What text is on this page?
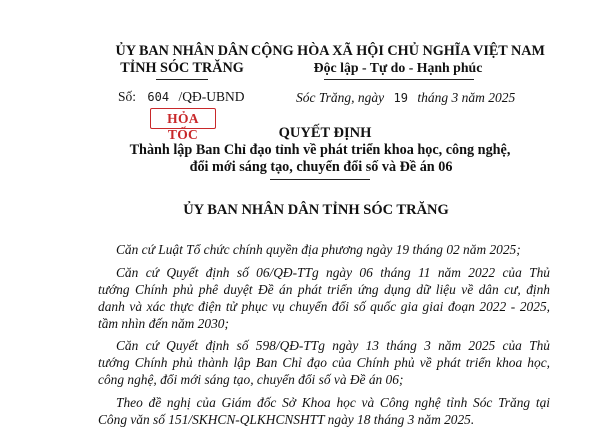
ỦY BAN NHÂN DÂN
TỈNH SÓC TRĂNG
CỘNG HÒA XÃ HỘI CHỦ NGHĨA VIỆT NAM
Độc lập - Tự do - Hạnh phúc
Số: 604 /QĐ-UBND
HỎA TỐC
Sóc Trăng, ngày 19 tháng 3 năm 2025
QUYẾT ĐỊNH
Thành lập Ban Chỉ đạo tỉnh về phát triển khoa học, công nghệ,
đổi mới sáng tạo, chuyển đổi số và Đề án 06
ỦY BAN NHÂN DÂN TỈNH SÓC TRĂNG
Căn cứ Luật Tổ chức chính quyền địa phương ngày 19 tháng 02 năm 2025;
Căn cứ Quyết định số 06/QĐ-TTg ngày 06 tháng 11 năm 2022 của Thủ
tướng Chính phủ phê duyệt Đề án phát triển ứng dụng dữ liệu về dân cư, định
danh và xác thực điện tử phục vụ chuyển đổi số quốc gia giai đoạn 2022 - 2025,
tầm nhìn đến năm 2030;
Căn cứ Quyết định số 598/QĐ-TTg ngày 13 tháng 3 năm 2025 của Thủ
tướng Chính phủ thành lập Ban Chỉ đạo của Chính phủ về phát triển khoa học,
công nghệ, đổi mới sáng tạo, chuyển đổi số và Đề án 06;
Theo đề nghị của Giám đốc Sở Khoa học và Công nghệ tỉnh Sóc Trăng tại
Công văn số 151/SKHCN-QLKHCNSHTT ngày 18 tháng 3 năm 2025.
